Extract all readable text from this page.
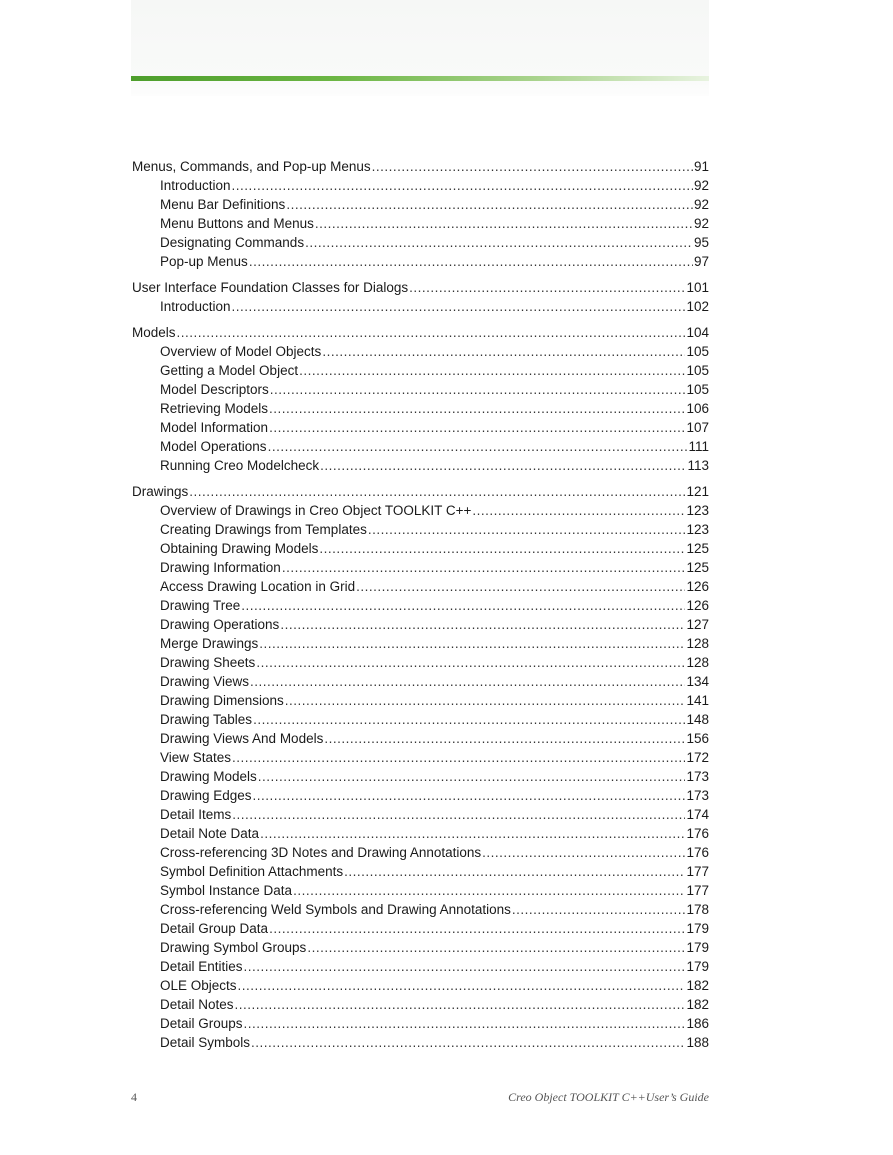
Menus, Commands, and Pop-up Menus .....	91
Introduction .....	92
Menu Bar Definitions .....	92
Menu Buttons and Menus .....	92
Designating Commands .....	95
Pop-up Menus .....	97
User Interface Foundation Classes for Dialogs .....	101
Introduction .....	102
Models .....	104
Overview of Model Objects .....	105
Getting a Model Object .....	105
Model Descriptors .....	105
Retrieving Models .....	106
Model Information .....	107
Model Operations .....	111
Running Creo Modelcheck .....	113
Drawings .....	121
Overview of Drawings in Creo Object TOOLKIT C++ .....	123
Creating Drawings from Templates .....	123
Obtaining Drawing Models .....	125
Drawing Information .....	125
Access Drawing Location in Grid .....	126
Drawing Tree .....	126
Drawing Operations .....	127
Merge Drawings .....	128
Drawing Sheets .....	128
Drawing Views .....	134
Drawing Dimensions .....	141
Drawing Tables .....	148
Drawing Views And Models .....	156
View States .....	172
Drawing Models .....	173
Drawing Edges .....	173
Detail Items .....	174
Detail Note Data .....	176
Cross-referencing 3D Notes and Drawing Annotations .....	176
Symbol Definition Attachments .....	177
Symbol Instance Data .....	177
Cross-referencing Weld Symbols and Drawing Annotations .....	178
Detail Group Data .....	179
Drawing Symbol Groups .....	179
Detail Entities .....	179
OLE Objects .....	182
Detail Notes .....	182
Detail Groups .....	186
Detail Symbols .....	188
4	Creo Object TOOLKIT C++User’s Guide
